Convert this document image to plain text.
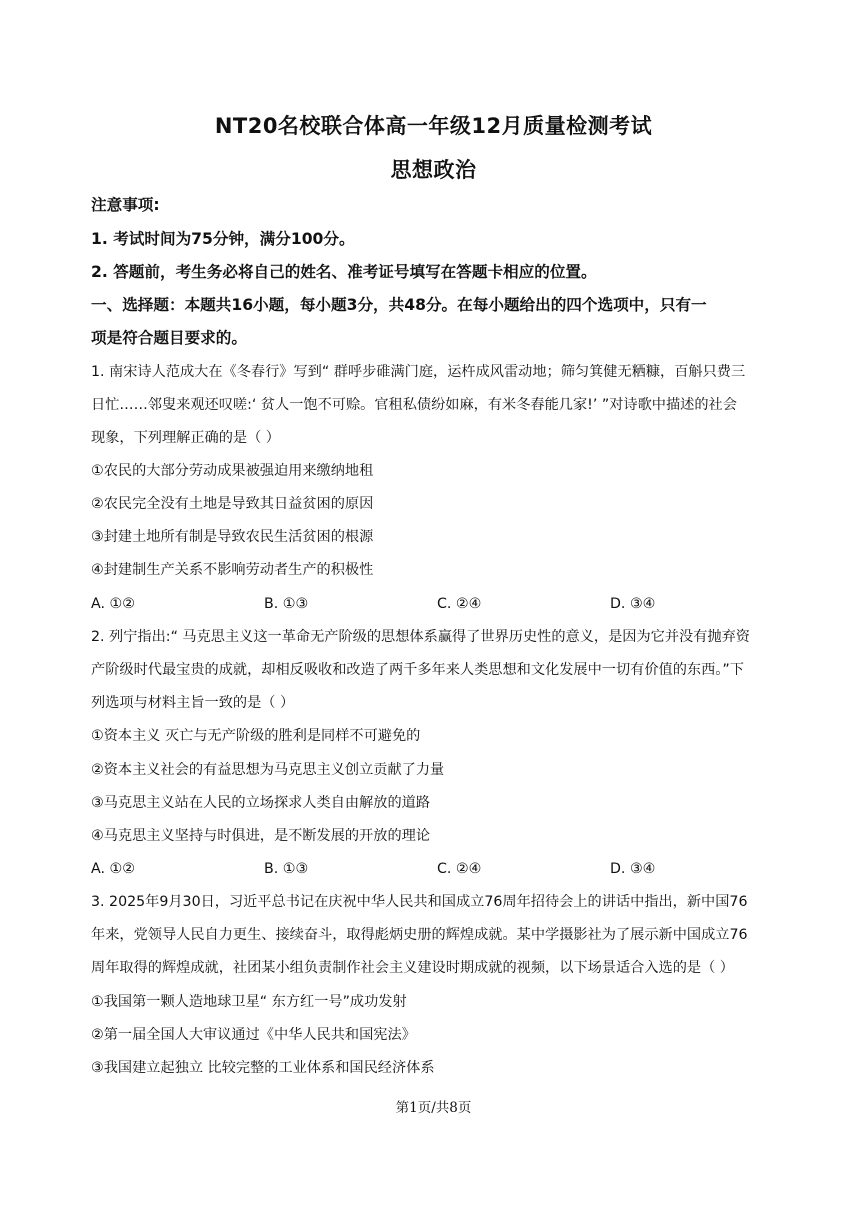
NT20名校联合体高一年级12月质量检测考试
思想政治
注意事项:
1. 考试时间为75分钟，满分100分。
2. 答题前，考生务必将自己的姓名、准考证号填写在答题卡相应的位置。
一、选择题：本题共16小题，每小题3分，共48分。在每小题给出的四个选项中，只有一
项是符合题目要求的。
1. 南宋诗人范成大在《冬春行》写到“ 群呼步碓满门庭，运杵成风雷动地；筛匀箕健无粞糠，百斛只费三
日忙……邻叟来观还叹嗟:‘ 贫人一饱不可赊。官租私债纷如麻，有米冬舂能几家!’ ”对诗歌中描述的社会
现象，下列理解正确的是（ ）
①农民的大部分劳动成果被强迫用来缴纳地租
②农民完全没有土地是导致其日益贫困的原因
③封建土地所有制是导致农民生活贫困的根源
④封建制生产关系不影响劳动者生产的积极性
A. ①②	B. ①③	C. ②④	D. ③④
2. 列宁指出:“ 马克思主义这一革命无产阶级的思想体系赢得了世界历史性的意义，是因为它并没有抛弃资
产阶级时代最宝贵的成就，却相反吸收和改造了两千多年来人类思想和文化发展中一切有价值的东西。”下
列选项与材料主旨一致的是（ ）
①资本主义 灭亡与无产阶级的胜利是同样不可避免的
②资本主义社会的有益思想为马克思主义创立贡献了力量
③马克思主义站在人民的立场探求人类自由解放的道路
④马克思主义坚持与时俱进，是不断发展的开放的理论
A. ①②	B. ①③	C. ②④	D. ③④
3. 2025年9月30日，习近平总书记在庆祝中华人民共和国成立76周年招待会上的讲话中指出，新中国76
年来，党领导人民自力更生、接续奋斗，取得彪炳史册的辉煌成就。某中学摄影社为了展示新中国成立76
周年取得的辉煌成就，社团某小组负责制作社会主义建设时期成就的视频，以下场景适合入选的是（ ）
①我国第一颗人造地球卫星“ 东方红一号”成功发射
②第一届全国人大审议通过《中华人民共和国宪法》
③我国建立起独立 比较完整的工业体系和国民经济体系
第1页/共8页
